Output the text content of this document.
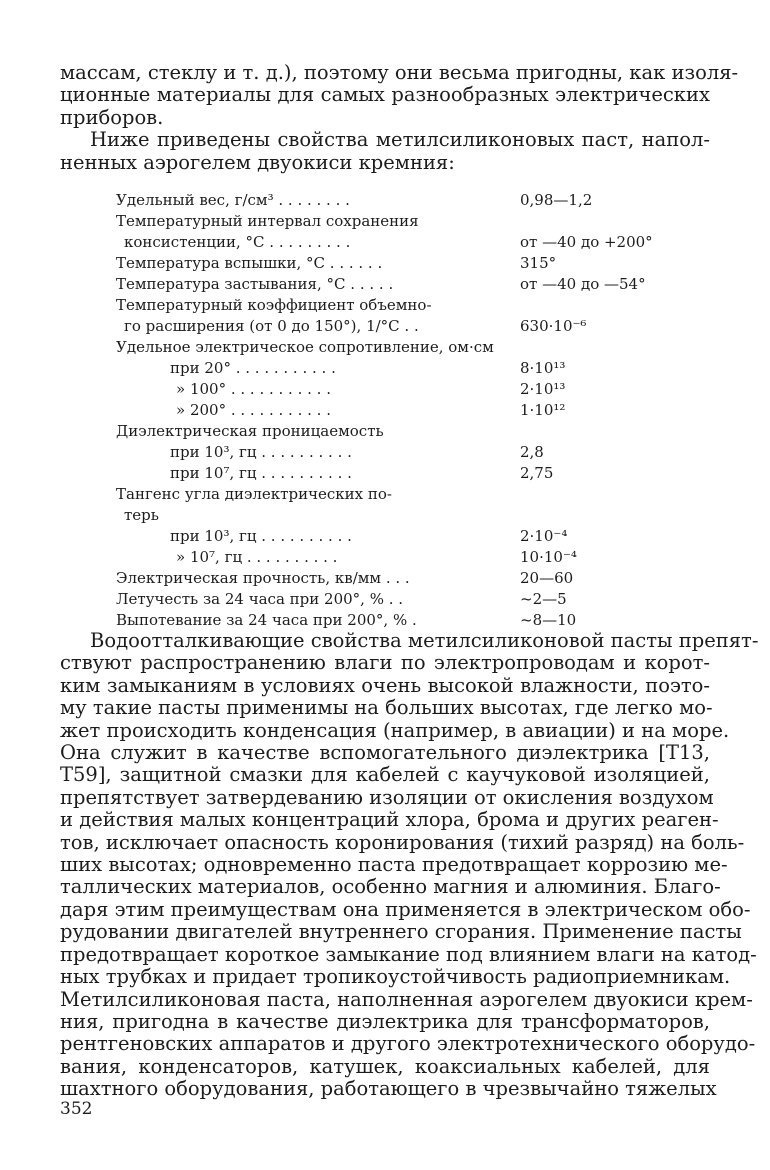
массам, стеклу и т. д.), поэтому они весьма пригодны, как изоля-
ционные материалы для самых разнообразных электрических
приборов.
Ниже приведены свойства метилсиликоновых паст, напол-
ненных аэрогелем двуокиси кремния:
Удельный вес, г/см³ . . . . . . . .	0,98—1,2
Температурный интервал сохранения
консистенции, °C . . . . . . . . .	от —40 до +200°
Температура вспышки, °C . . . . . .	315°
Температура застывания, °C . . . . .	от —40 до —54°
Температурный коэффициент объемно-
го расширения (от 0 до 150°), 1/°C . .	630·10⁻⁶
Удельное электрическое сопротивление, ом·см
при 20° . . . . . . . . . . .	8·10¹³
» 100° . . . . . . . . . . .	2·10¹³
» 200° . . . . . . . . . . .	1·10¹²
Диэлектрическая проницаемость
при 10³, гц . . . . . . . . . .	2,8
при 10⁷, гц . . . . . . . . . .	2,75
Тангенс угла диэлектрических по-
терь
при 10³, гц . . . . . . . . . .	2·10⁻⁴
» 10⁷, гц . . . . . . . . . .	10·10⁻⁴
Электрическая прочность, кв/мм . . .	20—60
Летучесть за 24 часа при 200°, % . .	~2—5
Выпотевание за 24 часа при 200°, % .	~8—10
Водоотталкивающие свойства метилсиликоновой пасты препят-
ствуют распространению влаги по электропроводам и корот-
ким замыканиям в условиях очень высокой влажности, поэто-
му такие пасты применимы на больших высотах, где легко мо-
жет происходить конденсация (например, в авиации) и на море.
Она служит в качестве вспомогательного диэлектрика [Т13,
Т59], защитной смазки для кабелей с каучуковой изоляцией,
препятствует затвердеванию изоляции от окисления воздухом
и действия малых концентраций хлора, брома и других реаген-
тов, исключает опасность коронирования (тихий разряд) на боль-
ших высотах; одновременно паста предотвращает коррозию ме-
таллических материалов, особенно магния и алюминия. Благо-
даря этим преимуществам она применяется в электрическом обо-
рудовании двигателей внутреннего сгорания. Применение пасты
предотвращает короткое замыкание под влиянием влаги на катод-
ных трубках и придает тропикоустойчивость радиоприемникам.
Метилсиликоновая паста, наполненная аэрогелем двуокиси крем-
ния, пригодна в качестве диэлектрика для трансформаторов,
рентгеновских аппаратов и другого электротехнического оборудо-
вания, конденсаторов, катушек, коаксиальных кабелей, для
шахтного оборудования, работающего в чрезвычайно тяжелых
352
